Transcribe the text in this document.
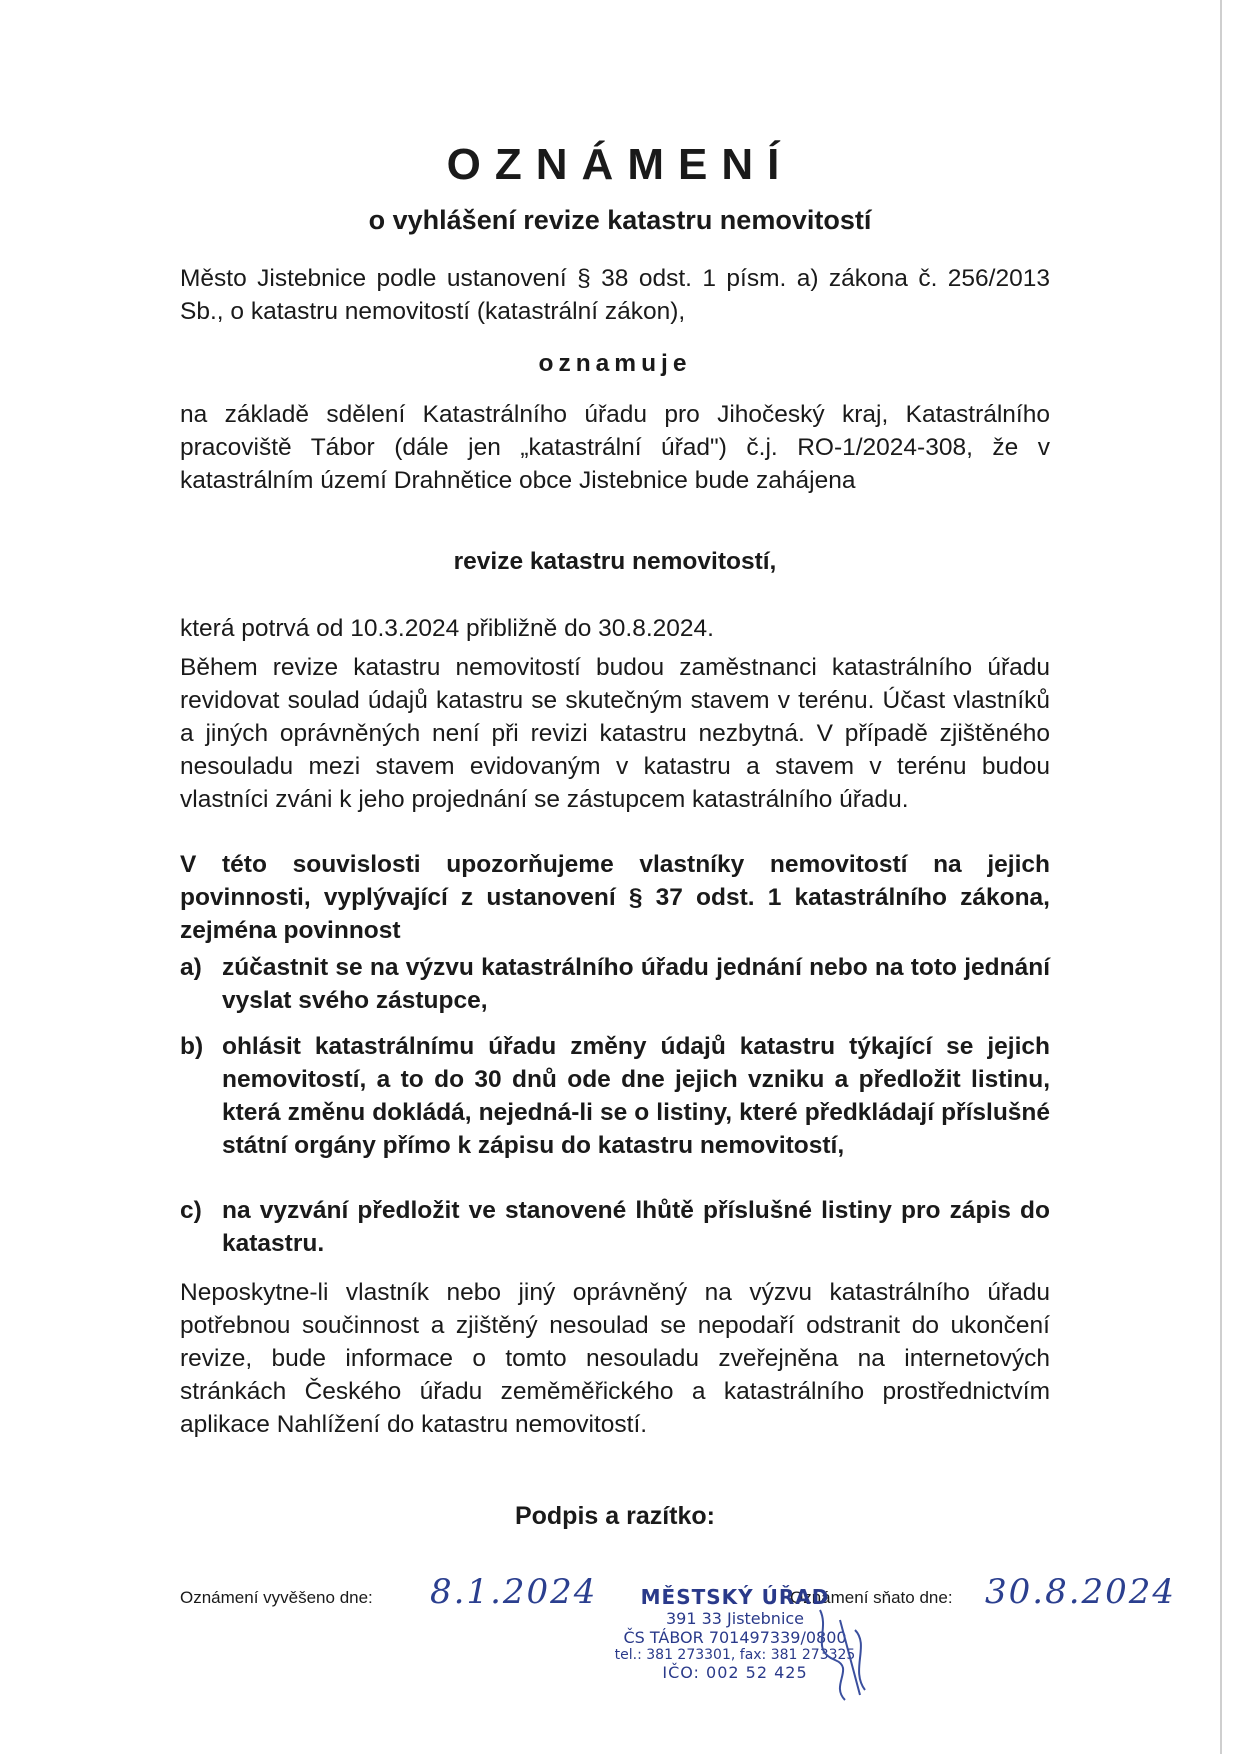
OZNÁMENÍ
o vyhlášení revize katastru nemovitostí

Město Jistebnice podle ustanovení § 38 odst. 1 písm. a) zákona č. 256/2013 Sb., o katastru nemovitostí (katastrální zákon),

oznamuje

na základě sdělení Katastrálního úřadu pro Jihočeský kraj, Katastrálního pracoviště Tábor (dále jen „katastrální úřad") č.j. RO-1/2024-308, že v katastrálním území Drahnětice obce Jistebnice bude zahájena

revize katastru nemovitostí,

která potrvá od 10.3.2024 přibližně do 30.8.2024.

Během revize katastru nemovitostí budou zaměstnanci katastrálního úřadu revidovat soulad údajů katastru se skutečným stavem v terénu. Účast vlastníků a jiných oprávněných není při revizi katastru nezbytná. V případě zjištěného nesouladu mezi stavem evidovaným v katastru a stavem v terénu budou vlastníci zváni k jeho projednání se zástupcem katastrálního úřadu.

V této souvislosti upozorňujeme vlastníky nemovitostí na jejich povinnosti, vyplývající z ustanovení § 37 odst. 1 katastrálního zákona, zejména povinnost

a) zúčastnit se na výzvu katastrálního úřadu jednání nebo na toto jednání vyslat svého zástupce,

b) ohlásit katastrálnímu úřadu změny údajů katastru týkající se jejich nemovitostí, a to do 30 dnů ode dne jejich vzniku a předložit listinu, která změnu dokládá, nejedná-li se o listiny, které předkládají příslušné státní orgány přímo k zápisu do katastru nemovitostí,

c) na vyzvání předložit ve stanovené lhůtě příslušné listiny pro zápis do katastru.

Neposkytne-li vlastník nebo jiný oprávněný na výzvu katastrálního úřadu potřebnou součinnost a zjištěný nesoulad se nepodaří odstranit do ukončení revize, bude informace o tomto nesouladu zveřejněna na internetových stránkách Českého úřadu zeměměřického a katastrálního prostřednictvím aplikace Nahlížení do katastru nemovitostí.

Podpis a razítko:

Oznámení vyvěšeno dne: 8.1.2024	Oznámení sňato dne: 30.8.2024
MĚSTSKÝ ÚŘAD
391 33 Jistebnice
ČS TÁBOR 701497339/0800
tel.: 381 273301, fax: 381 273325
IČO: 002 52 425
